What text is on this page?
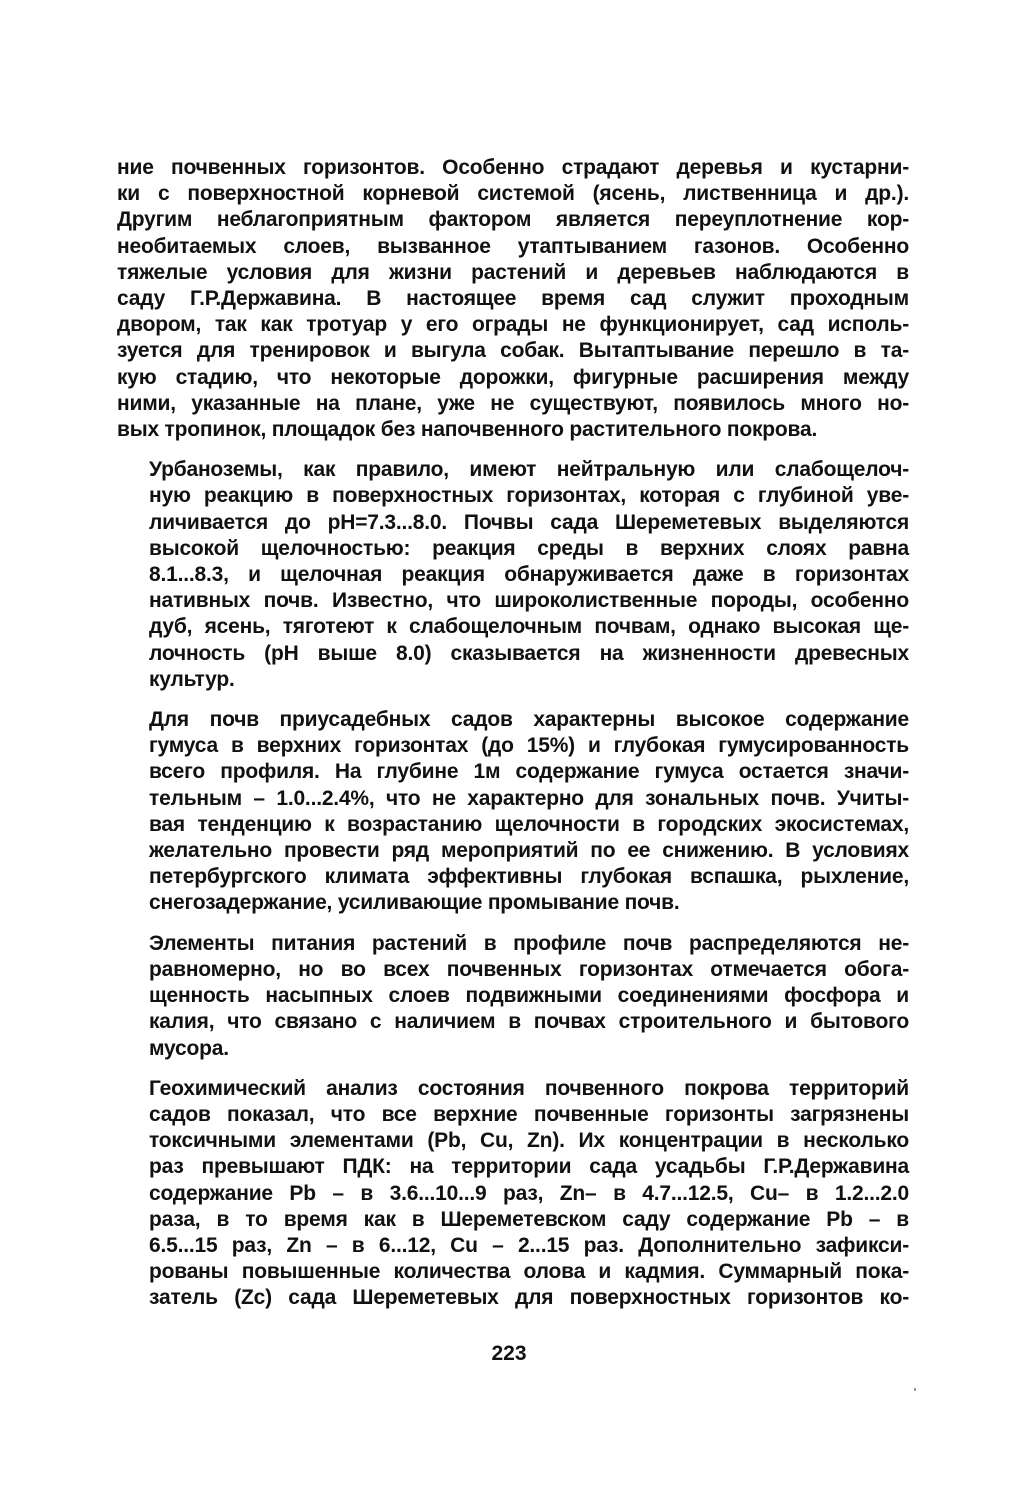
ние почвенных горизонтов. Особенно страдают деревья и кустарни-
ки с поверхностной корневой системой (ясень, лиственница и др.).
Другим неблагоприятным фактором является переуплотнение кор-
необитаемых слоев, вызванное утаптыванием газонов. Особенно
тяжелые условия для жизни растений и деревьев наблюдаются в
саду Г.Р.Державина. В настоящее время сад служит проходным
двором, так как тротуар у его ограды не функционирует, сад исполь-
зуется для тренировок и выгула собак. Вытаптывание перешло в та-
кую стадию, что некоторые дорожки, фигурные расширения между
ними, указанные на плане, уже не существуют, появилось много но-
вых тропинок, площадок без напочвенного растительного покрова.
Урбаноземы, как правило, имеют нейтральную или слабощелоч-
ную реакцию в поверхностных горизонтах, которая с глубиной уве-
личивается до pH=7.3...8.0. Почвы сада Шереметевых выделяются
высокой щелочностью: реакция среды в верхних слоях равна
8.1...8.3, и щелочная реакция обнаруживается даже в горизонтах
нативных почв. Известно, что широколиственные породы, особенно
дуб, ясень, тяготеют к слабощелочным почвам, однако высокая ще-
лочность (pH выше 8.0) сказывается на жизненности древесных
культур.
Для почв приусадебных садов характерны высокое содержание
гумуса в верхних горизонтах (до 15%) и глубокая гумусированность
всего профиля. На глубине 1м содержание гумуса остается значи-
тельным – 1.0...2.4%, что не характерно для зональных почв. Учиты-
вая тенденцию к возрастанию щелочности в городских экосистемах,
желательно провести ряд мероприятий по ее снижению. В условиях
петербургского климата эффективны глубокая вспашка, рыхление,
снегозадержание, усиливающие промывание почв.
Элементы питания растений в профиле почв распределяются не-
равномерно, но во всех почвенных горизонтах отмечается обога-
щенность насыпных слоев подвижными соединениями фосфора и
калия, что связано с наличием в почвах строительного и бытового
мусора.
Геохимический анализ состояния почвенного покрова территорий
садов показал, что все верхние почвенные горизонты загрязнены
токсичными элементами (Pb, Cu, Zn). Их концентрации в несколько
раз превышают ПДК: на территории сада усадьбы Г.Р.Державина
содержание Pb – в 3.6...10...9 раз, Zn– в 4.7...12.5, Cu– в 1.2...2.0
раза, в то время как в Шереметевском саду содержание Pb – в
6.5...15 раз, Zn – в 6...12, Cu – 2...15 раз. Дополнительно зафикси-
рованы повышенные количества олова и кадмия. Суммарный пока-
затель (Zc) сада Шереметевых для поверхностных горизонтов ко-
223
